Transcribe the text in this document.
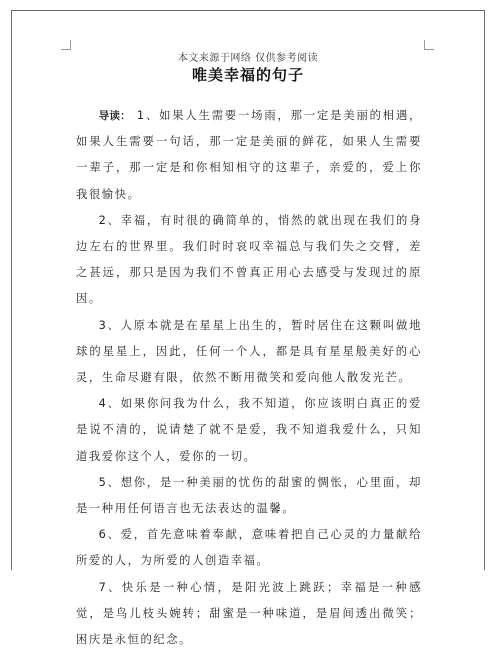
本文来源于网络 仅供参考阅读
唯美幸福的句子

导读： 1、如果人生需要一场雨，那一定是美丽的相遇，如果人生需要一句话，那一定是美丽的鲜花，如果人生需要一辈子，那一定是和你相知相守的这辈子，亲爱的，爱上你我很愉快。

2、幸福，有时很的确简单的，悄然的就出现在我们的身边左右的世界里。我们时时哀叹幸福总与我们失之交臂，差之甚远，那只是因为我们不曾真正用心去感受与发现过的原因。

3、人原本就是在星星上出生的，暂时居住在这颗叫做地球的星星上，因此，任何一个人，都是具有星星般美好的心灵，生命尽避有限，依然不断用微笑和爱向他人散发光芒。

4、如果你问我为什么，我不知道，你应该明白真正的爱是说不清的，说请楚了就不是爱，我不知道我爱什么，只知道我爱你这个人，爱你的一切。

5、想你，是一种美丽的忧伤的甜蜜的惆怅，心里面，却是一种用任何语言也无法表达的温馨。

6、爱，首先意味着奉献，意味着把自己心灵的力量献给所爱的人，为所爱的人创造幸福。

7、快乐是一种心情，是阳光波上跳跃；幸福是一种感觉，是鸟儿枝头婉转；甜蜜是一种味道，是眉间透出微笑；困庆是永恒的纪念。
